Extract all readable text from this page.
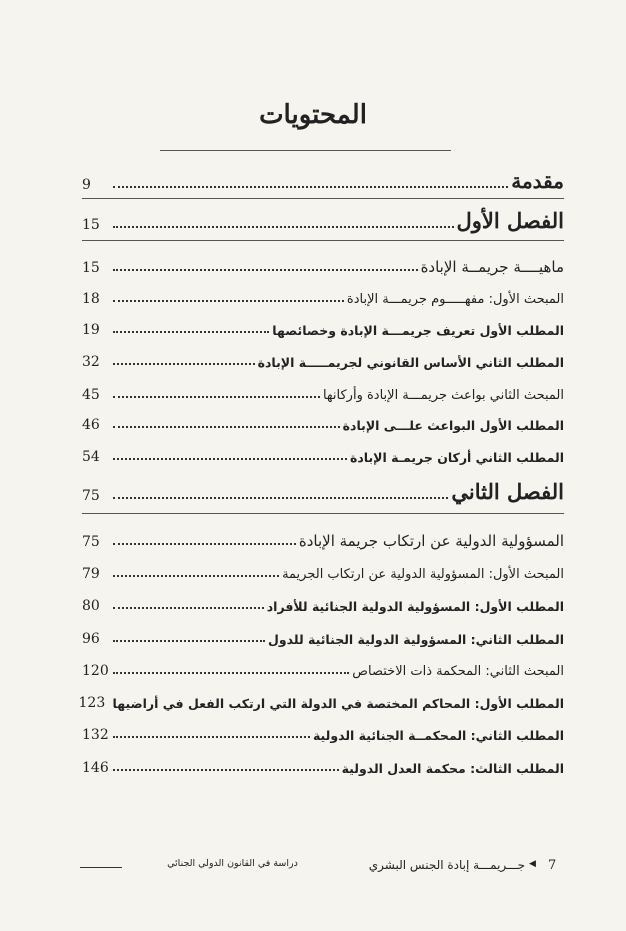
المحتويات
مقدمة
9
الفصل الأول
15
ماهيــــة جريمــة الإبادة
15
المبحث الأول: مفهـــــوم جريمـــة الإبادة
18
المطلب الأول تعريف جريمـــة الإبادة وخصائصها
19
المطلب الثاني الأساس القانوني لجريمـــــة الإبادة
32
المبحث الثاني بواعث جريمـــة الإبادة وأركانها
45
المطلب الأول البواعث علـــى الإبادة
46
المطلب الثاني أركان جريمـة الإبادة
54
الفصل الثاني
75
المسؤولية الدولية عن ارتكاب جريمة الإبادة
75
المبحث الأول: المسؤولية الدولية عن ارتكاب الجريمة
79
المطلب الأول: المسؤولية الدولية الجنائية للأفراد
80
المطلب الثاني: المسؤولية الدولية الجنائية للدول
96
المبحث الثاني: المحكمة ذات الاختصاص
120
المطلب الأول: المحاكم المختصة في الدولة التي ارتكب الفعل في أراضيها
123
المطلب الثاني: المحكمــة الجنائية الدولية
132
المطلب الثالث: محكمة العدل الدولية
146
7
◀
جـــريمـــة إبادة الجنس البشري
دراسة في القانون الدولي الجنائي
